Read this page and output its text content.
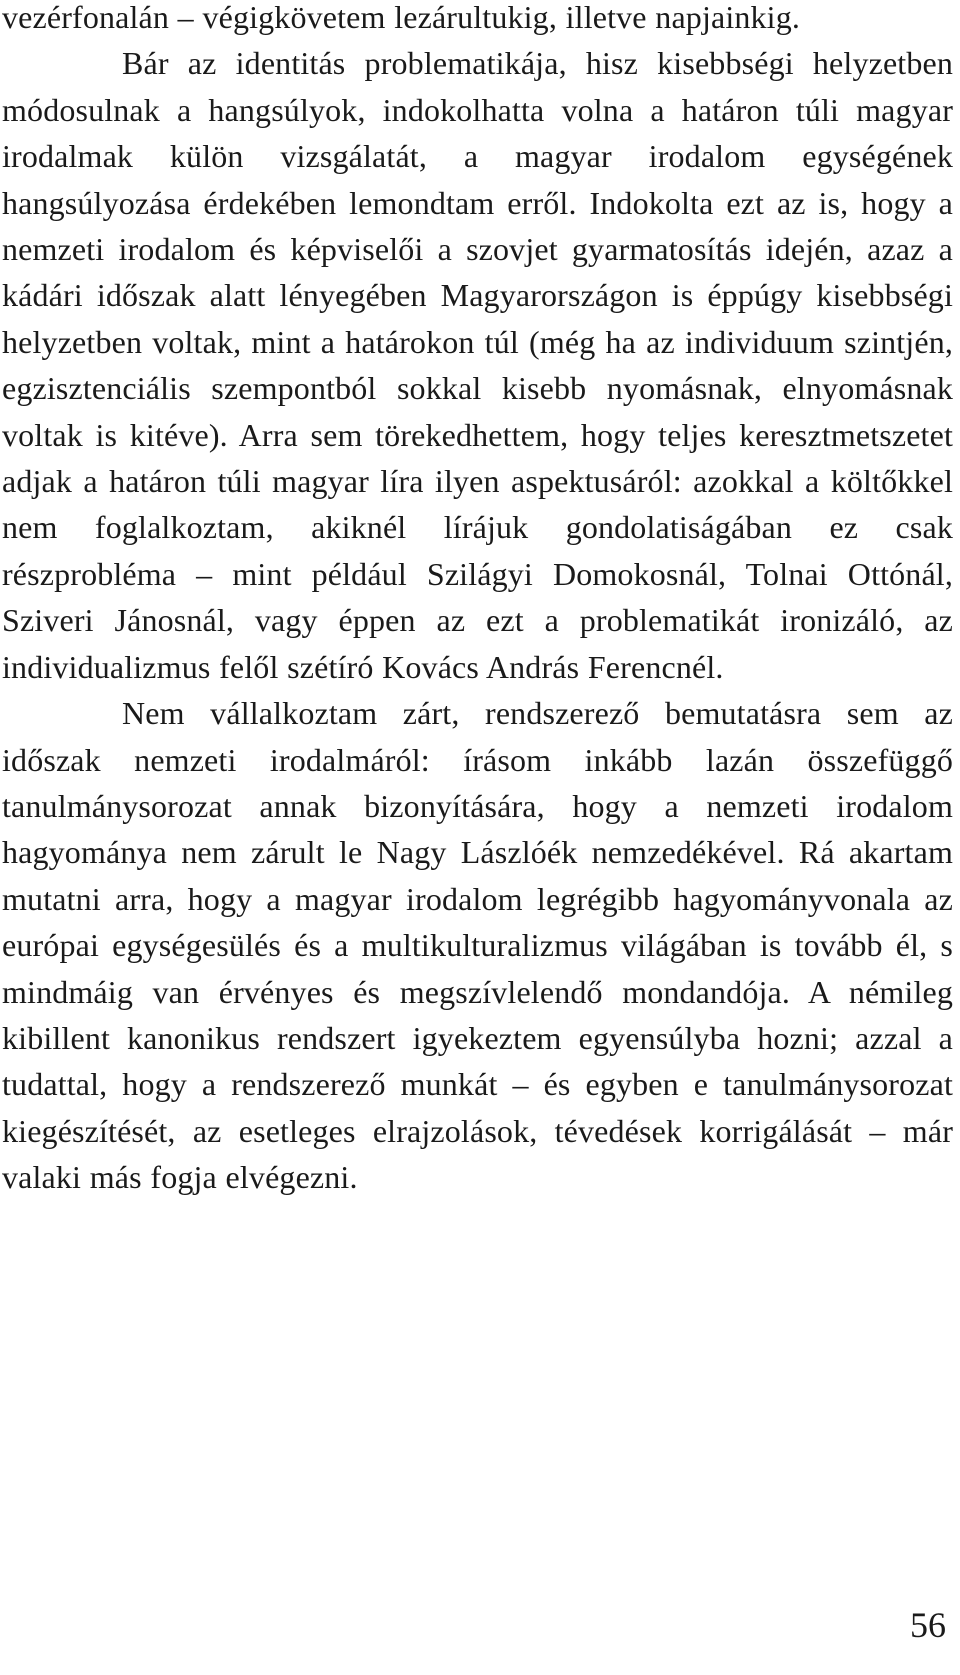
vezérfonalán – végigkövetem lezárultukig, illetve napjainkig.

Bár az identitás problematikája, hisz kisebbségi helyzetben módosulnak a hangsúlyok, indokolhatta volna a határon túli magyar irodalmak külön vizsgálatát, a magyar irodalom egységének hangsúlyozása érdekében lemondtam erről. Indokolta ezt az is, hogy a nemzeti irodalom és képviselői a szovjet gyarmatosítás idején, azaz a kádári időszak alatt lényegében Magyarországon is éppúgy kisebbségi helyzetben voltak, mint a határokon túl (még ha az individuum szintjén, egzisztenciális szempontból sokkal kisebb nyomásnak, elnyomásnak voltak is kitéve). Arra sem törekedhettem, hogy teljes keresztmetszetet adjak a határon túli magyar líra ilyen aspektusáról: azokkal a költőkkel nem foglalkoztam, akiknél lírájuk gondolatiságában ez csak részprobléma – mint például Szilágyi Domokosnál, Tolnai Ottónál, Sziveri Jánosnál, vagy éppen az ezt a problematikát ironizáló, az individualizmus felől szétíró Kovács András Ferencnél.

Nem vállalkoztam zárt, rendszerező bemutatásra sem az időszak nemzeti irodalmáról: írásom inkább lazán összefüggő tanulmánysorozat annak bizonyítására, hogy a nemzeti irodalom hagyománya nem zárult le Nagy Lászlóék nemzedékével. Rá akartam mutatni arra, hogy a magyar irodalom legrégibb hagyományvonala az európai egységesülés és a multikulturalizmus világában is tovább él, s mindmáig van érvényes és megszívlelendő mondandója. A némileg kibillent kanonikus rendszert igyekeztem egyensúlyba hozni; azzal a tudattal, hogy a rendszerező munkát – és egyben e tanulmánysorozat kiegészítését, az esetleges elrajzolások, tévedések korrigálását – már valaki más fogja elvégezni.

56
